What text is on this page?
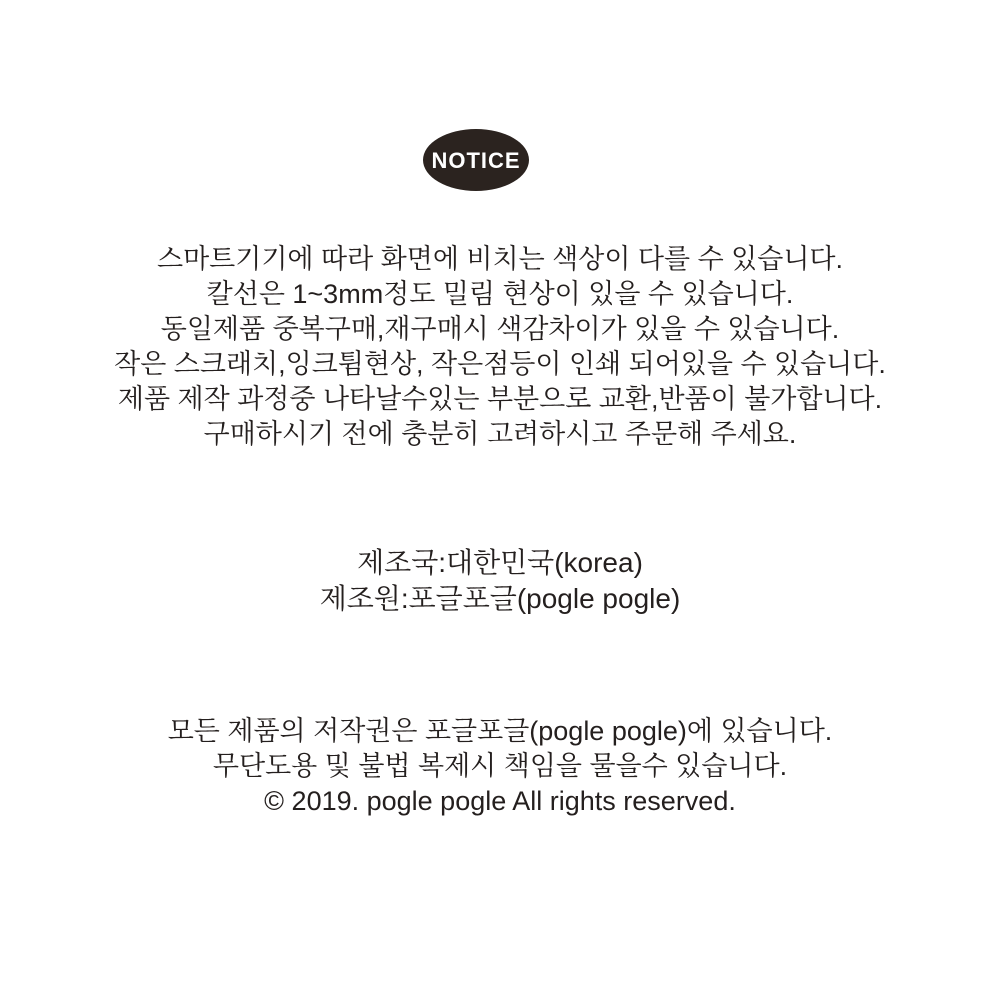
NOTICE
스마트기기에 따라 화면에 비치는 색상이 다를 수 있습니다.
칼선은 1~3mm정도 밀림 현상이 있을 수 있습니다.
동일제품 중복구매,재구매시 색감차이가 있을 수 있습니다.
작은 스크래치,잉크튐현상, 작은점등이 인쇄 되어있을 수 있습니다.
제품 제작 과정중 나타날수있는 부분으로 교환,반품이 불가합니다.
구매하시기 전에 충분히 고려하시고 주문해 주세요.
제조국:대한민국(korea)
제조원:포글포글(pogle pogle)
모든 제품의 저작권은 포글포글(pogle pogle)에 있습니다.
무단도용 및 불법 복제시 책임을 물을수 있습니다.
© 2019. pogle pogle All rights reserved.
